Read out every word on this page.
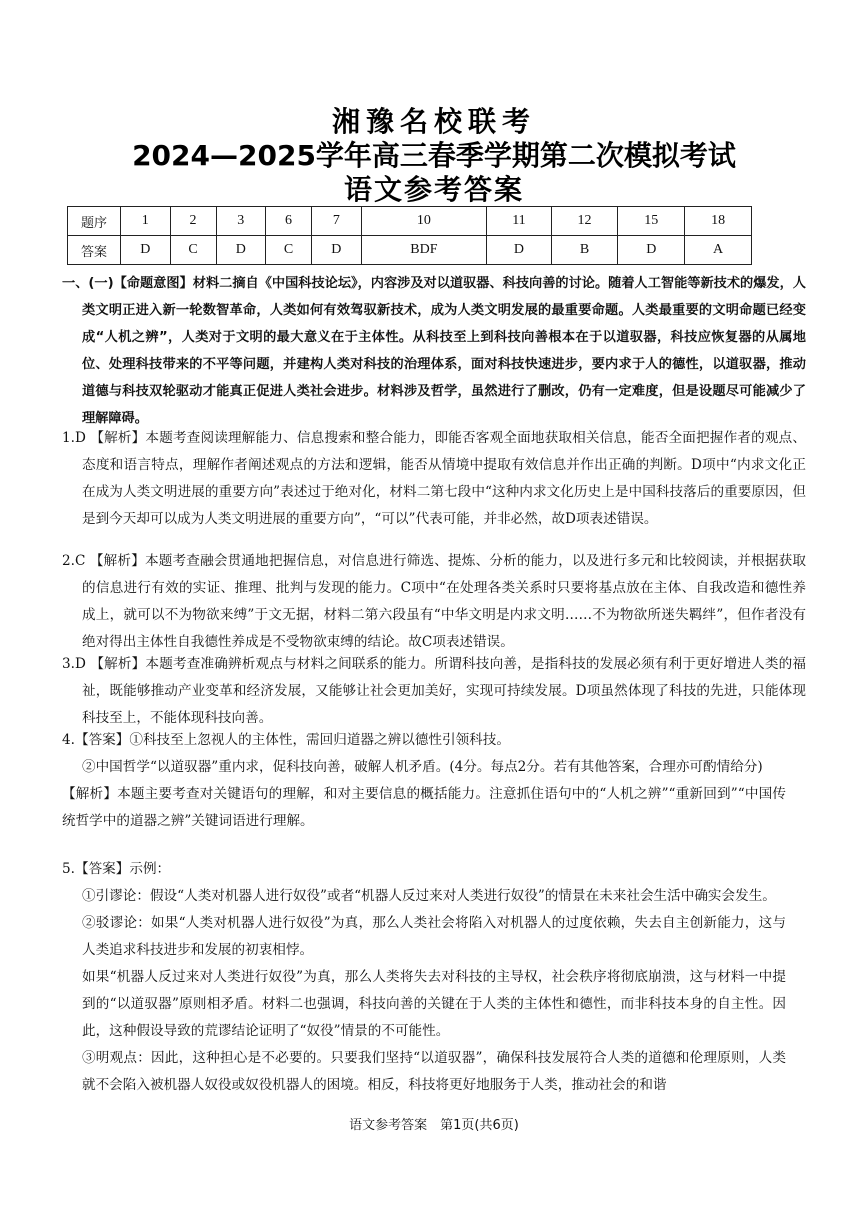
湘豫名校联考
2024—2025学年高三春季学期第二次模拟考试
语文参考答案
题序	1	2	3	6	7	10	11	12	15	18
答案	D	C	D	C	D	BDF	D	B	D	A
一、(一)【命题意图】材料二摘自《中国科技论坛》，内容涉及对以道驭器、科技向善的讨论。随着人工智能等新技术的爆发，人类文明正进入新一轮数智革命，人类如何有效驾驭新技术，成为人类文明发展的最重要命题。人类最重要的文明命题已经变成“人机之辨”，人类对于文明的最大意义在于主体性。从科技至上到科技向善根本在于以道驭器，科技应恢复器的从属地位、处理科技带来的不平等问题，并建构人类对科技的治理体系，面对科技快速进步，要内求于人的德性，以道驭器，推动道德与科技双轮驱动才能真正促进人类社会进步。材料涉及哲学，虽然进行了删改，仍有一定难度，但是设题尽可能减少了理解障碍。
1.D 【解析】本题考查阅读理解能力、信息搜索和整合能力，即能否客观全面地获取相关信息，能否全面把握作者的观点、态度和语言特点，理解作者阐述观点的方法和逻辑，能否从情境中提取有效信息并作出正确的判断。D项中“内求文化正在成为人类文明进展的重要方向”表述过于绝对化，材料二第七段中“这种内求文化历史上是中国科技落后的重要原因，但是到今天却可以成为人类文明进展的重要方向”，“可以”代表可能，并非必然，故D项表述错误。
2.C 【解析】本题考查融会贯通地把握信息，对信息进行筛选、提炼、分析的能力，以及进行多元和比较阅读，并根据获取的信息进行有效的实证、推理、批判与发现的能力。C项中“在处理各类关系时只要将基点放在主体、自我改造和德性养成上，就可以不为物欲来缚”于文无据，材料二第六段虽有“中华文明是内求文明……不为物欲所迷失羁绊”，但作者没有绝对得出主体性自我德性养成是不受物欲束缚的结论。故C项表述错误。
3.D 【解析】本题考查准确辨析观点与材料之间联系的能力。所谓科技向善，是指科技的发展必须有利于更好增进人类的福祉，既能够推动产业变革和经济发展，又能够让社会更加美好，实现可持续发展。D项虽然体现了科技的先进，只能体现科技至上，不能体现科技向善。
4.【答案】①科技至上忽视人的主体性，需回归道器之辨以德性引领科技。
②中国哲学“以道驭器”重内求，促科技向善，破解人机矛盾。(4分。每点2分。若有其他答案，合理亦可酌情给分)
【解析】本题主要考查对关键语句的理解，和对主要信息的概括能力。注意抓住语句中的“人机之辨”“重新回到”“中国传统哲学中的道器之辨”关键词语进行理解。
5.【答案】示例：
①引谬论：假设“人类对机器人进行奴役”或者“机器人反过来对人类进行奴役”的情景在未来社会生活中确实会发生。
②驳谬论：如果“人类对机器人进行奴役”为真，那么人类社会将陷入对机器人的过度依赖，失去自主创新能力，这与人类追求科技进步和发展的初衷相悖。
如果“机器人反过来对人类进行奴役”为真，那么人类将失去对科技的主导权，社会秩序将彻底崩溃，这与材料一中提到的“以道驭器”原则相矛盾。材料二也强调，科技向善的关键在于人类的主体性和德性，而非科技本身的自主性。因此，这种假设导致的荒谬结论证明了“奴役”情景的不可能性。
③明观点：因此，这种担心是不必要的。只要我们坚持“以道驭器”，确保科技发展符合人类的道德和伦理原则，人类就不会陷入被机器人奴役或奴役机器人的困境。相反，科技将更好地服务于人类，推动社会的和谐
语文参考答案　第1页(共6页)
